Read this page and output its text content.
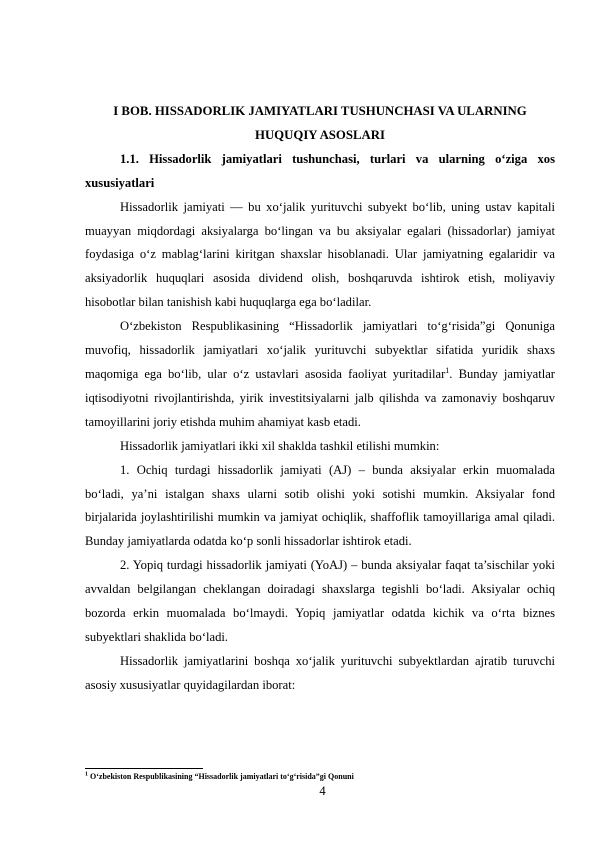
I BOB. HISSADORLIK JAMIYATLARI TUSHUNCHASI VA ULARNING HUQUQIY ASOSLARI

1.1. Hissadorlik jamiyatlari tushunchasi, turlari va ularning o‘ziga xos xususiyatlari

Hissadorlik jamiyati — bu xo‘jalik yurituvchi subyekt bo‘lib, uning ustav kapitali muayyan miqdordagi aksiyalarga bo‘lingan va bu aksiyalar egalari (hissadorlar) jamiyat foydasiga o‘z mablag‘larini kiritgan shaxslar hisoblanadi. Ular jamiyatning egalaridir va aksiyadorlik huquqlari asosida dividend olish, boshqaruvda ishtirok etish, moliyaviy hisobotlar bilan tanishish kabi huquqlarga ega bo‘ladilar.

O‘zbekiston Respublikasining “Hissadorlik jamiyatlari to‘g‘risida”gi Qonuniga muvofiq, hissadorlik jamiyatlari xo‘jalik yurituvchi subyektlar sifatida yuridik shaxs maqomiga ega bo‘lib, ular o‘z ustavlari asosida faoliyat yuritadilar$^1$. Bunday jamiyatlar iqtisodiyotni rivojlantirishda, yirik investitsiyalarni jalb qilishda va zamonaviy boshqaruv tamoyillarini joriy etishda muhim ahamiyat kasb etadi.

Hissadorlik jamiyatlari ikki xil shaklda tashkil etilishi mumkin:

1. Ochiq turdagi hissadorlik jamiyati (AJ) – bunda aksiyalar erkin muomalada bo‘ladi, ya’ni istalgan shaxs ularni sotib olishi yoki sotishi mumkin. Aksiyalar fond birjalarida joylashtirilishi mumkin va jamiyat ochiqlik, shaffoflik tamoyillariga amal qiladi. Bunday jamiyatlarda odatda ko‘p sonli hissadorlar ishtirok etadi.

2. Yopiq turdagi hissadorlik jamiyati (YoAJ) – bunda aksiyalar faqat ta’sischilar yoki avvaldan belgilangan cheklangan doiradagi shaxslarga tegishli bo‘ladi. Aksiyalar ochiq bozorda erkin muomalada bo‘lmaydi. Yopiq jamiyatlar odatda kichik va o‘rta biznes subyektlari shaklida bo‘ladi.

Hissadorlik jamiyatlarini boshqa xo‘jalik yurituvchi subyektlardan ajratib turuvchi asosiy xususiyatlar quyidagilardan iborat:

$^1$ O‘zbekiston Respublikasining “Hissadorlik jamiyatlari to‘g‘risida”gi Qonuni
4
